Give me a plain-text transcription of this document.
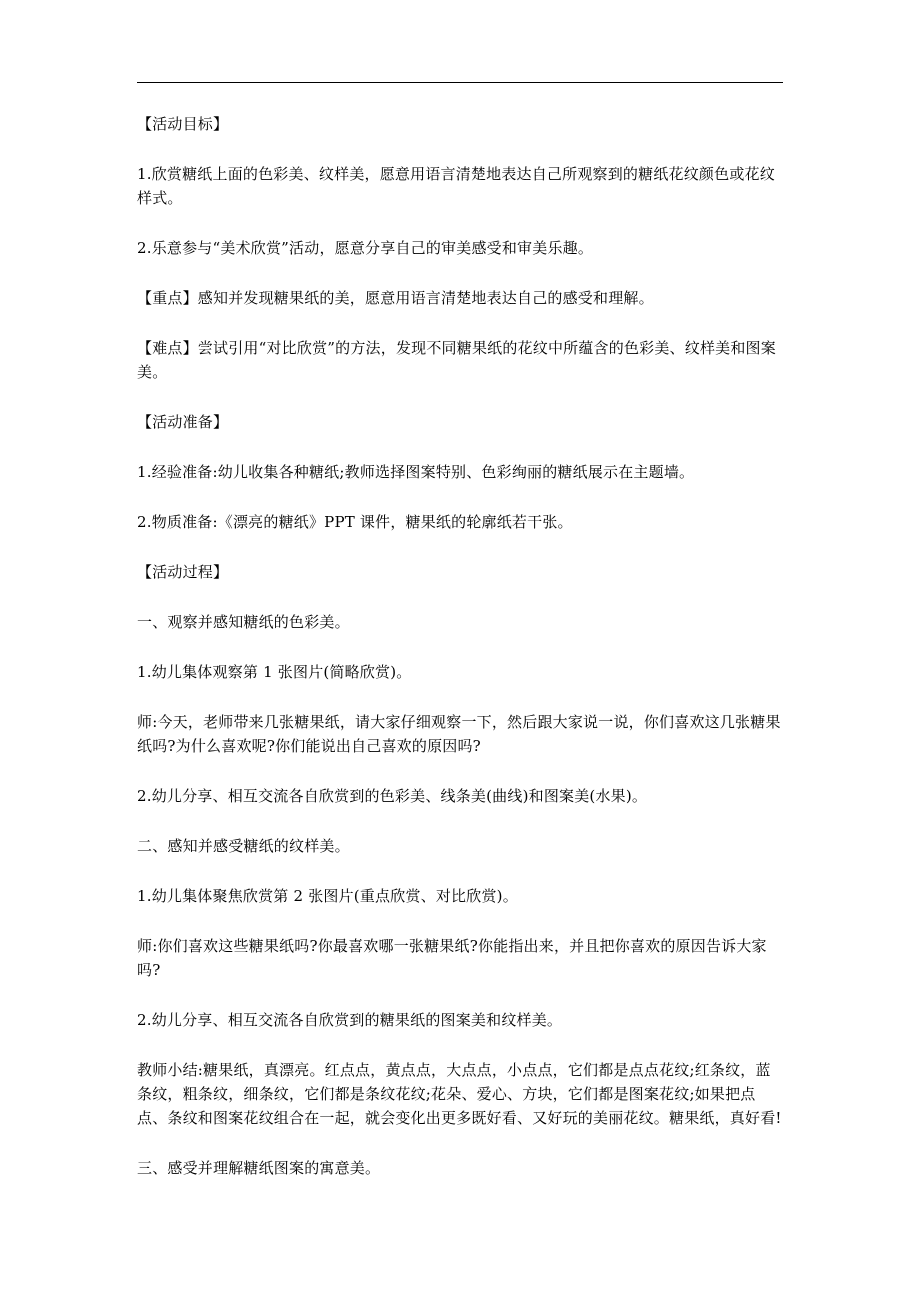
【活动目标】

1.欣赏糖纸上面的色彩美、纹样美，愿意用语言清楚地表达自己所观察到的糖纸花纹颜色或花纹样式。

2.乐意参与“美术欣赏”活动，愿意分享自己的审美感受和审美乐趣。

【重点】感知并发现糖果纸的美，愿意用语言清楚地表达自己的感受和理解。

【难点】尝试引用“对比欣赏”的方法，发现不同糖果纸的花纹中所蕴含的色彩美、纹样美和图案美。

【活动准备】

1.经验准备:幼儿收集各种糖纸;教师选择图案特别、色彩绚丽的糖纸展示在主题墙。

2.物质准备:《漂亮的糖纸》PPT 课件，糖果纸的轮廓纸若干张。

【活动过程】

一、观察并感知糖纸的色彩美。

1.幼儿集体观察第 1 张图片(简略欣赏)。

师:今天，老师带来几张糖果纸，请大家仔细观察一下，然后跟大家说一说，你们喜欢这几张糖果纸吗?为什么喜欢呢?你们能说出自己喜欢的原因吗?

2.幼儿分享、相互交流各自欣赏到的色彩美、线条美(曲线)和图案美(水果)。

二、感知并感受糖纸的纹样美。

1.幼儿集体聚焦欣赏第 2 张图片(重点欣赏、对比欣赏)。

师:你们喜欢这些糖果纸吗?你最喜欢哪一张糖果纸?你能指出来，并且把你喜欢的原因告诉大家吗?

2.幼儿分享、相互交流各自欣赏到的糖果纸的图案美和纹样美。

教师小结:糖果纸，真漂亮。红点点，黄点点，大点点，小点点，它们都是点点花纹;红条纹，蓝条纹，粗条纹，细条纹，它们都是条纹花纹;花朵、爱心、方块，它们都是图案花纹;如果把点点、条纹和图案花纹组合在一起，就会变化出更多既好看、又好玩的美丽花纹。糖果纸，真好看!

三、感受并理解糖纸图案的寓意美。
